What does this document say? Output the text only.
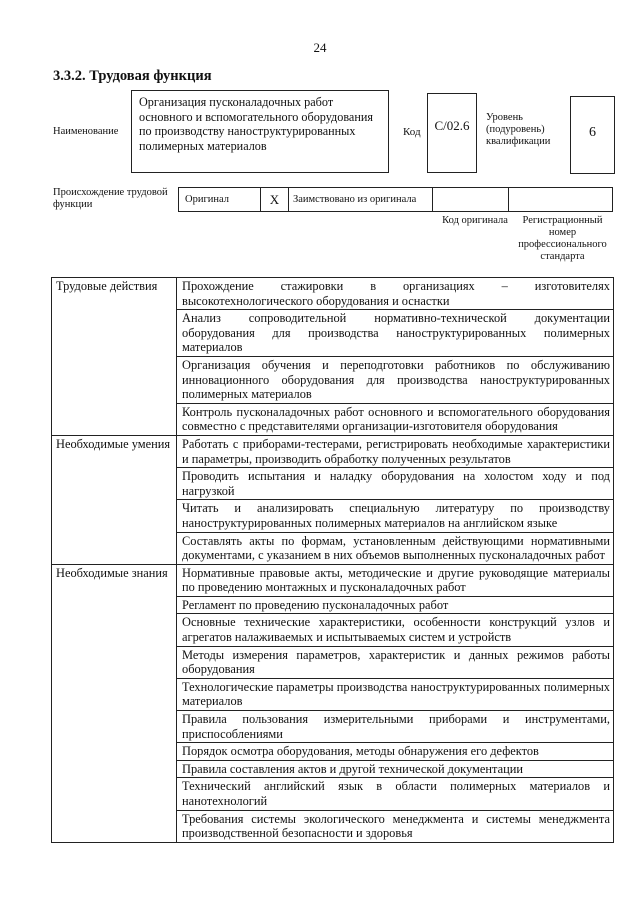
24
3.3.2. Трудовая функция
Наименование
Организация пусконаладочных работ основного и вспомогательного оборудования по производству наноструктурированных полимерных материалов
Код	С/02.6
Уровень (подуровень) квалификации
6
Происхождение трудовой функции	Оригинал	X Заимствовано из оригинала
Код оригинала	Регистрационный номер профессионального стандарта
Трудовые действия	Прохождение стажировки в организациях – изготовителях высокотехнологического оборудования и оснастки
	Анализ сопроводительной нормативно-технической документации оборудования для производства наноструктурированных полимерных материалов
	Организация обучения и переподготовки работников по обслуживанию инновационного оборудования для производства наноструктурированных полимерных материалов
	Контроль пусконаладочных работ основного и вспомогательного оборудования совместно с представителями организации-изготовителя оборудования
Необходимые умения	Работать с приборами-тестерами, регистрировать необходимые характеристики и параметры, производить обработку полученных результатов
	Проводить испытания и наладку оборудования на холостом ходу и под нагрузкой
	Читать и анализировать специальную литературу по производству наноструктурированных полимерных материалов на английском языке
	Составлять акты по формам, установленным действующими нормативными документами, с указанием в них объемов выполненных пусконаладочных работ
Необходимые знания	Нормативные правовые акты, методические и другие руководящие материалы по проведению монтажных и пусконаладочных работ
	Регламент по проведению пусконаладочных работ
	Основные технические характеристики, особенности конструкций узлов и агрегатов налаживаемых и испытываемых систем и устройств
	Методы измерения параметров, характеристик и данных режимов работы оборудования
	Технологические параметры производства наноструктурированных полимерных материалов
	Правила пользования измерительными приборами и инструментами, приспособлениями
	Порядок осмотра оборудования, методы обнаружения его дефектов
	Правила составления актов и другой технической документации
	Технический английский язык в области полимерных материалов и нанотехнологий
	Требования системы экологического менеджмента и системы менеджмента производственной безопасности и здоровья
